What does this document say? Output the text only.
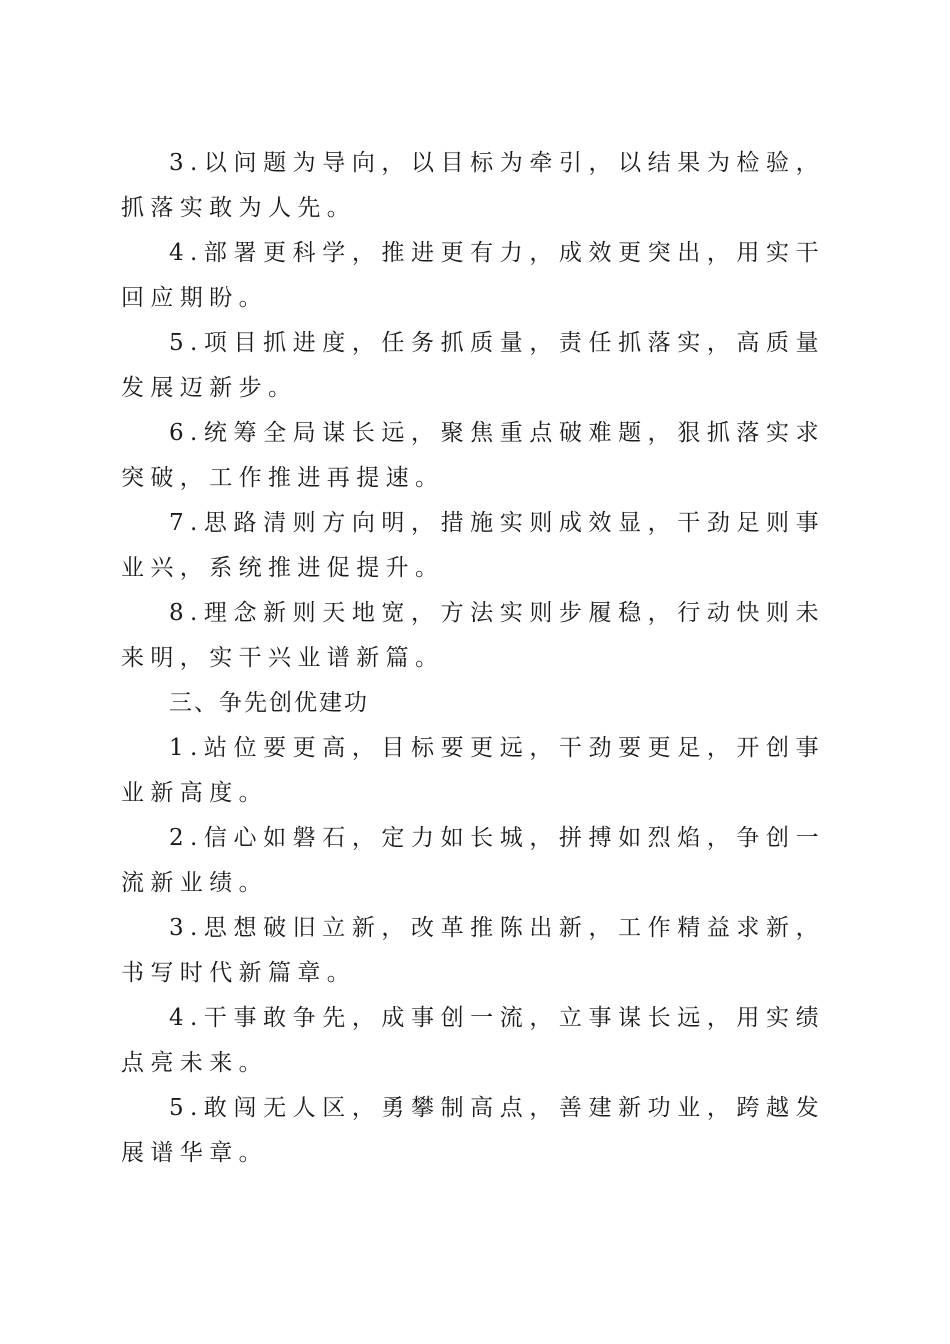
3.以问题为导向，以目标为牵引，以结果为检验，抓落实敢为人先。

4.部署更科学，推进更有力，成效更突出，用实干回应期盼。

5.项目抓进度，任务抓质量，责任抓落实，高质量发展迈新步。

6.统筹全局谋长远，聚焦重点破难题，狠抓落实求突破，工作推进再提速。

7.思路清则方向明，措施实则成效显，干劲足则事业兴，系统推进促提升。

8.理念新则天地宽，方法实则步履稳，行动快则未来明，实干兴业谱新篇。

三、争先创优建功

1.站位要更高，目标要更远，干劲要更足，开创事业新高度。

2.信心如磐石，定力如长城，拼搏如烈焰，争创一流新业绩。

3.思想破旧立新，改革推陈出新，工作精益求新，书写时代新篇章。

4.干事敢争先，成事创一流，立事谋长远，用实绩点亮未来。

5.敢闯无人区，勇攀制高点，善建新功业，跨越发展谱华章。
